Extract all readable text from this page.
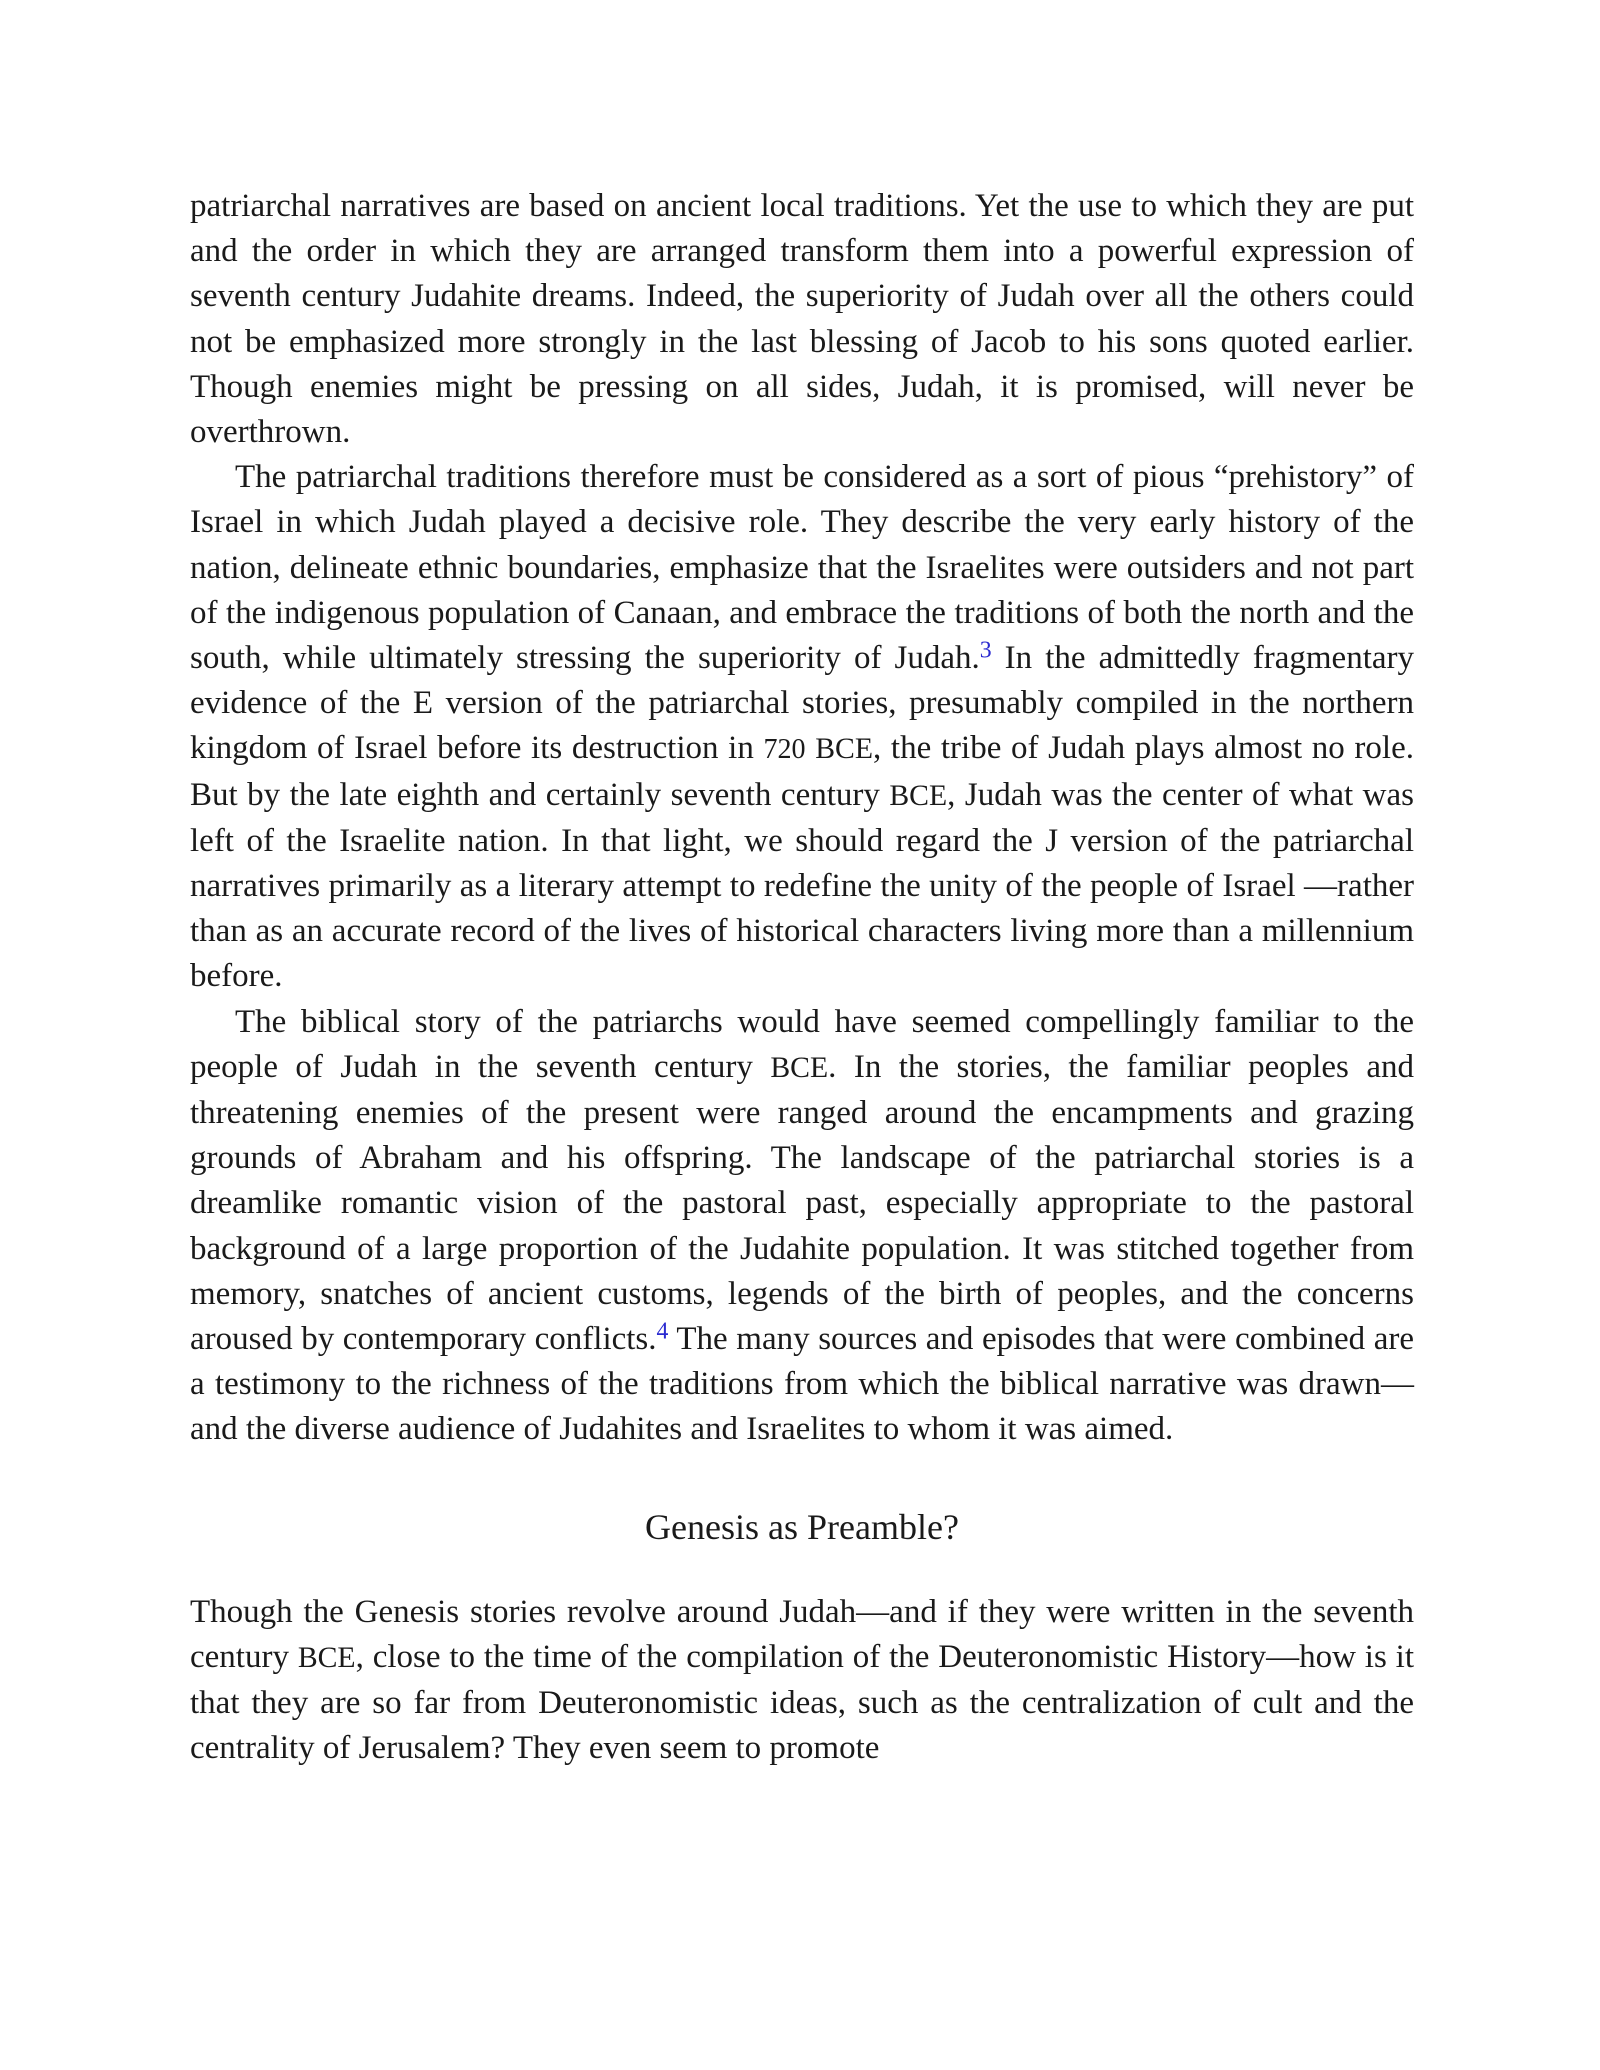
patriarchal narratives are based on ancient local traditions. Yet the use to which they are put and the order in which they are arranged transform them into a powerful expression of seventh century Judahite dreams. Indeed, the superiority of Judah over all the others could not be emphasized more strongly in the last blessing of Jacob to his sons quoted earlier. Though enemies might be pressing on all sides, Judah, it is promised, will never be overthrown.

The patriarchal traditions therefore must be considered as a sort of pious “prehistory” of Israel in which Judah played a decisive role. They describe the very early history of the nation, delineate ethnic boundaries, emphasize that the Israelites were outsiders and not part of the indigenous population of Canaan, and embrace the traditions of both the north and the south, while ultimately stressing the superiority of Judah.$^3$ In the admittedly fragmentary evidence of the E version of the patriarchal stories, presumably compiled in the northern kingdom of Israel before its destruction in 720 BCE, the tribe of Judah plays almost no role. But by the late eighth and certainly seventh century BCE, Judah was the center of what was left of the Israelite nation. In that light, we should regard the J version of the patriarchal narratives primarily as a literary attempt to redefine the unity of the people of Israel —rather than as an accurate record of the lives of historical characters living more than a millennium before.

The biblical story of the patriarchs would have seemed compellingly familiar to the people of Judah in the seventh century BCE. In the stories, the familiar peoples and threatening enemies of the present were ranged around the encampments and grazing grounds of Abraham and his offspring. The landscape of the patriarchal stories is a dreamlike romantic vision of the pastoral past, especially appropriate to the pastoral background of a large proportion of the Judahite population. It was stitched together from memory, snatches of ancient customs, legends of the birth of peoples, and the concerns aroused by contemporary conflicts.$^4$ The many sources and episodes that were combined are a testimony to the richness of the traditions from which the biblical narrative was drawn—and the diverse audience of Judahites and Israelites to whom it was aimed.

Genesis as Preamble?

Though the Genesis stories revolve around Judah—and if they were written in the seventh century BCE, close to the time of the compilation of the Deuteronomistic History—how is it that they are so far from Deuteronomistic ideas, such as the centralization of cult and the centrality of Jerusalem? They even seem to promote
